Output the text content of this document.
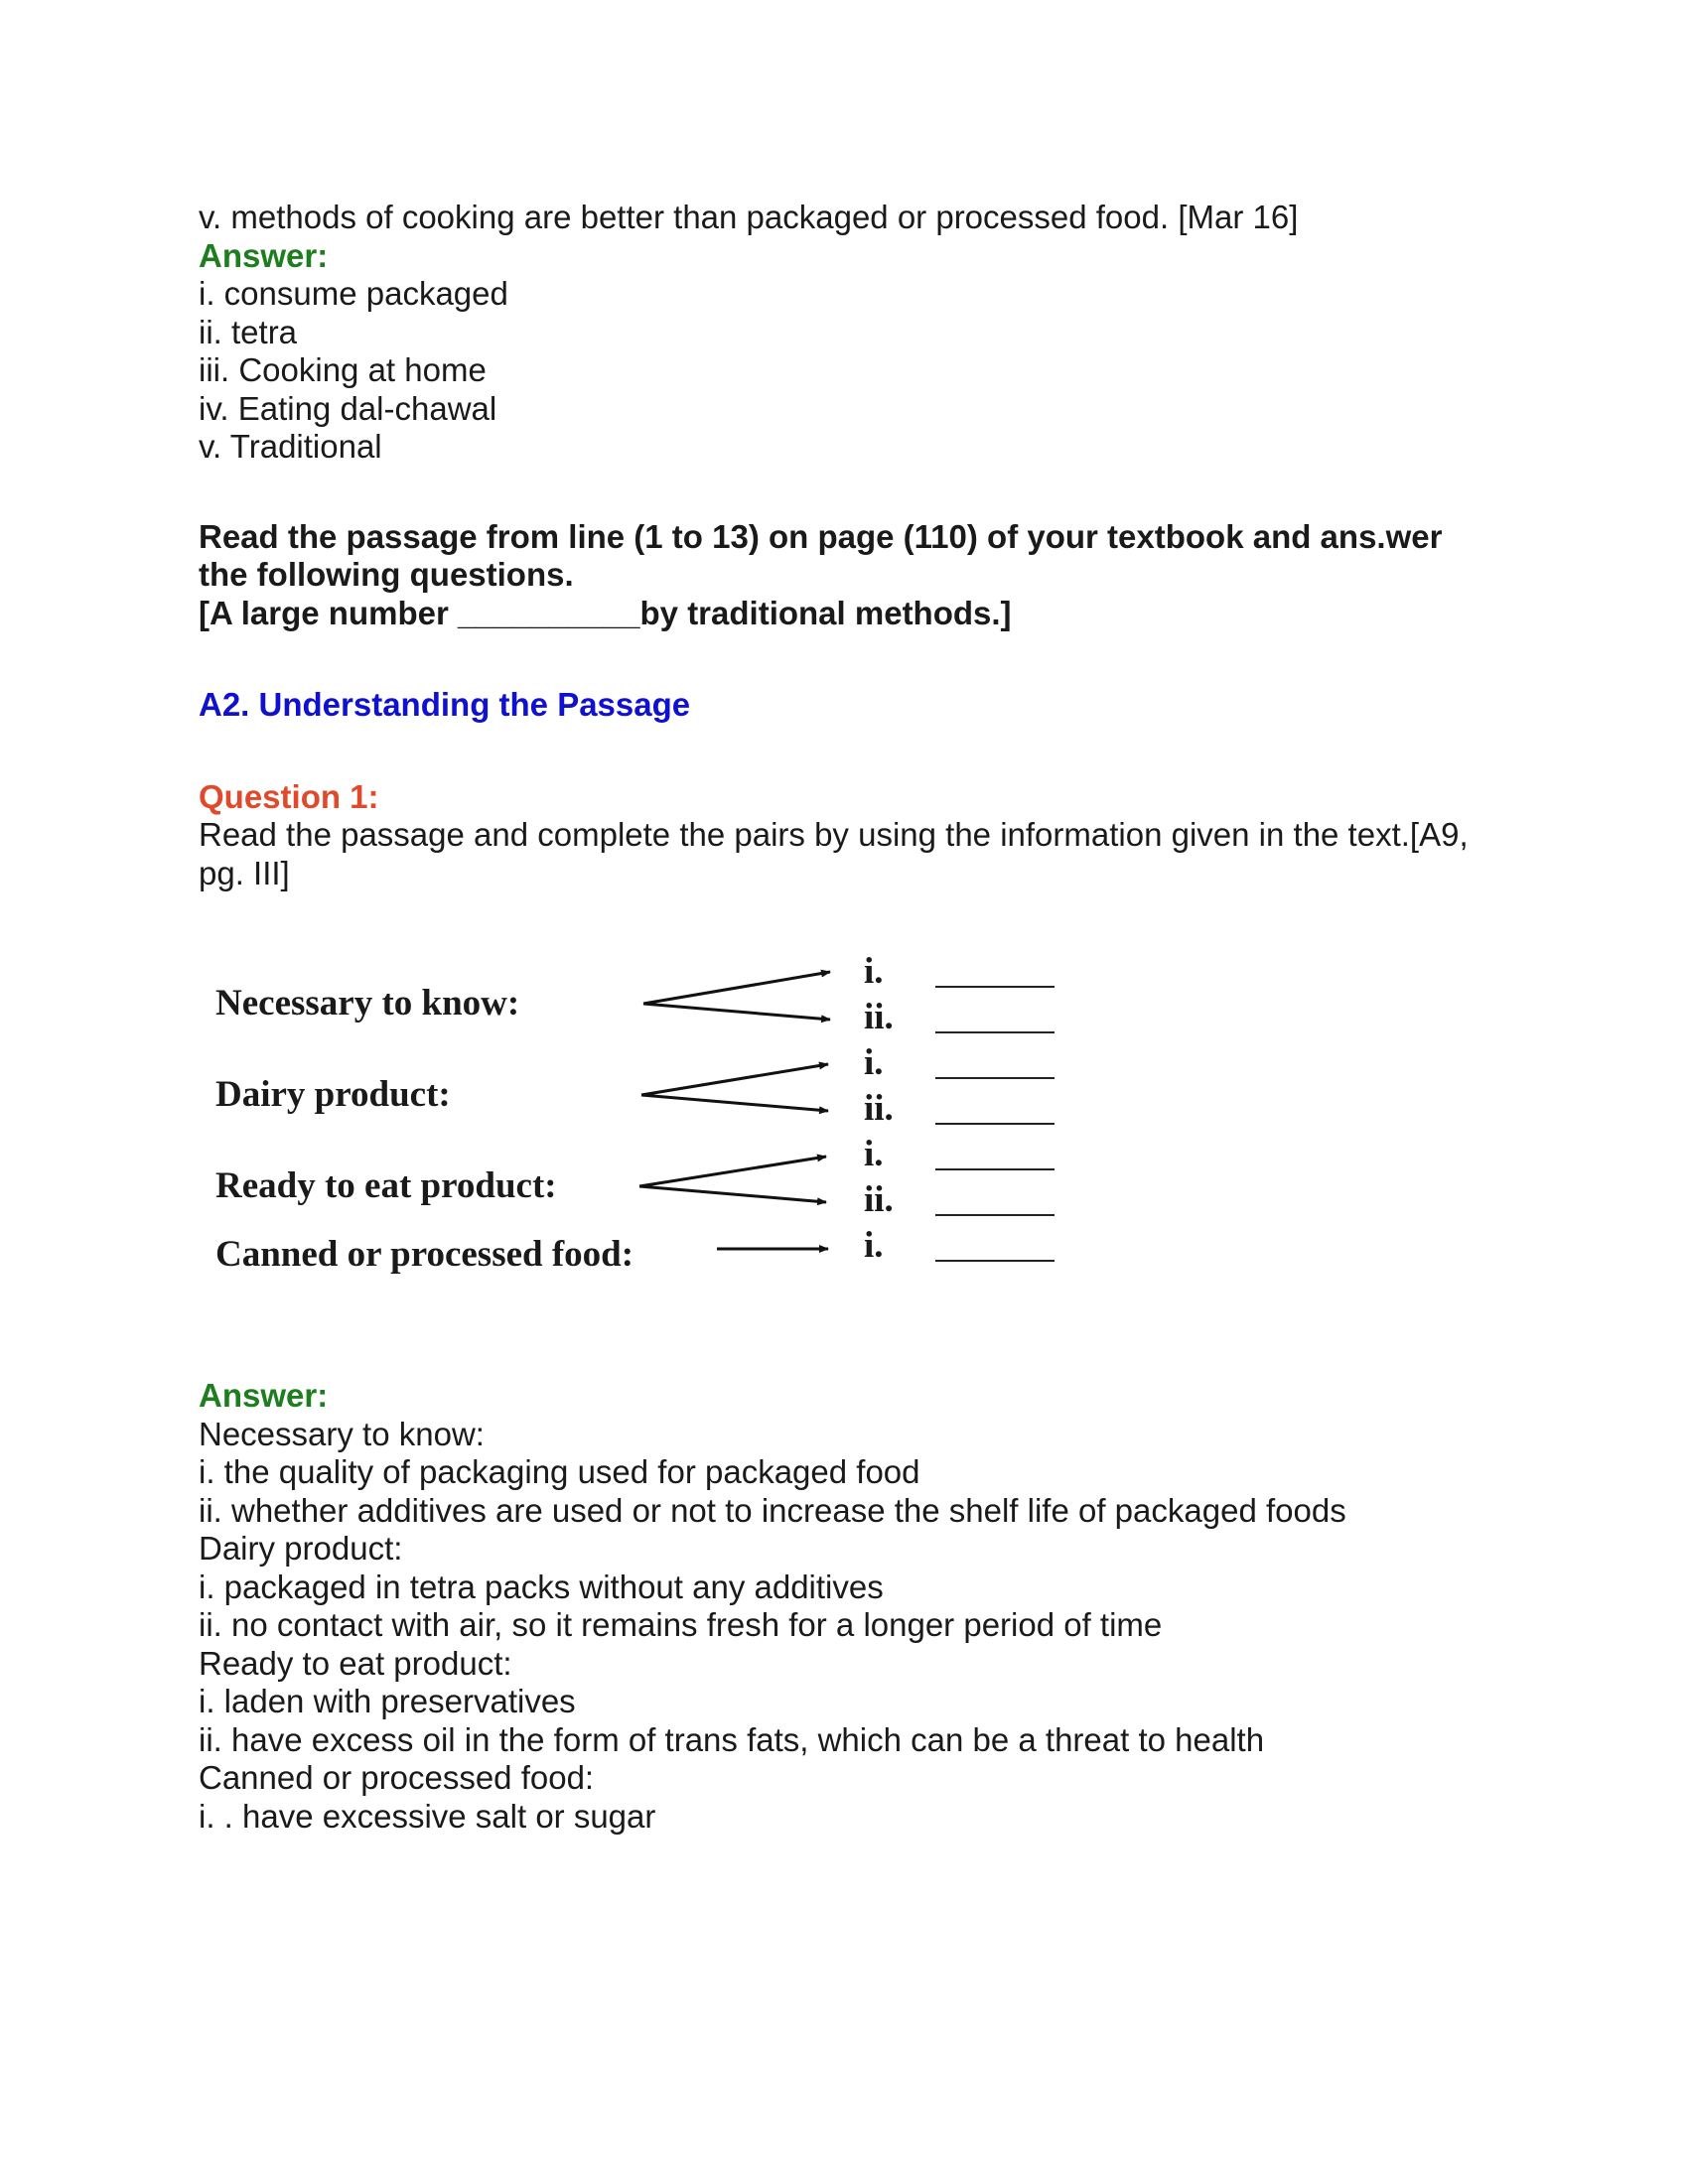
v. methods of cooking are better than packaged or processed food. [Mar 16]

Answer:

i. consume packaged

ii. tetra

iii. Cooking at home

iv. Eating dal-chawal

v. Traditional

Read the passage from line (1 to 13) on page (110) of your textbook and ans.wer

the following questions.

[A large number __________by traditional methods.]

A2. Understanding the Passage

Question 1:

Read the passage and complete the pairs by using the information given in the text.[A9,

pg. III]

Necessary to know:
Dairy product:
Ready to eat product:
Canned or processed food:
i.
ii.
i.
ii.
i.
ii.
i.

Answer:

Necessary to know:

i. the quality of packaging used for packaged food

ii. whether additives are used or not to increase the shelf life of packaged foods

Dairy product:

i. packaged in tetra packs without any additives

ii. no contact with air, so it remains fresh for a longer period of time

Ready to eat product:

i. laden with preservatives

ii. have excess oil in the form of trans fats, which can be a threat to health

Canned or processed food:

i. . have excessive salt or sugar
